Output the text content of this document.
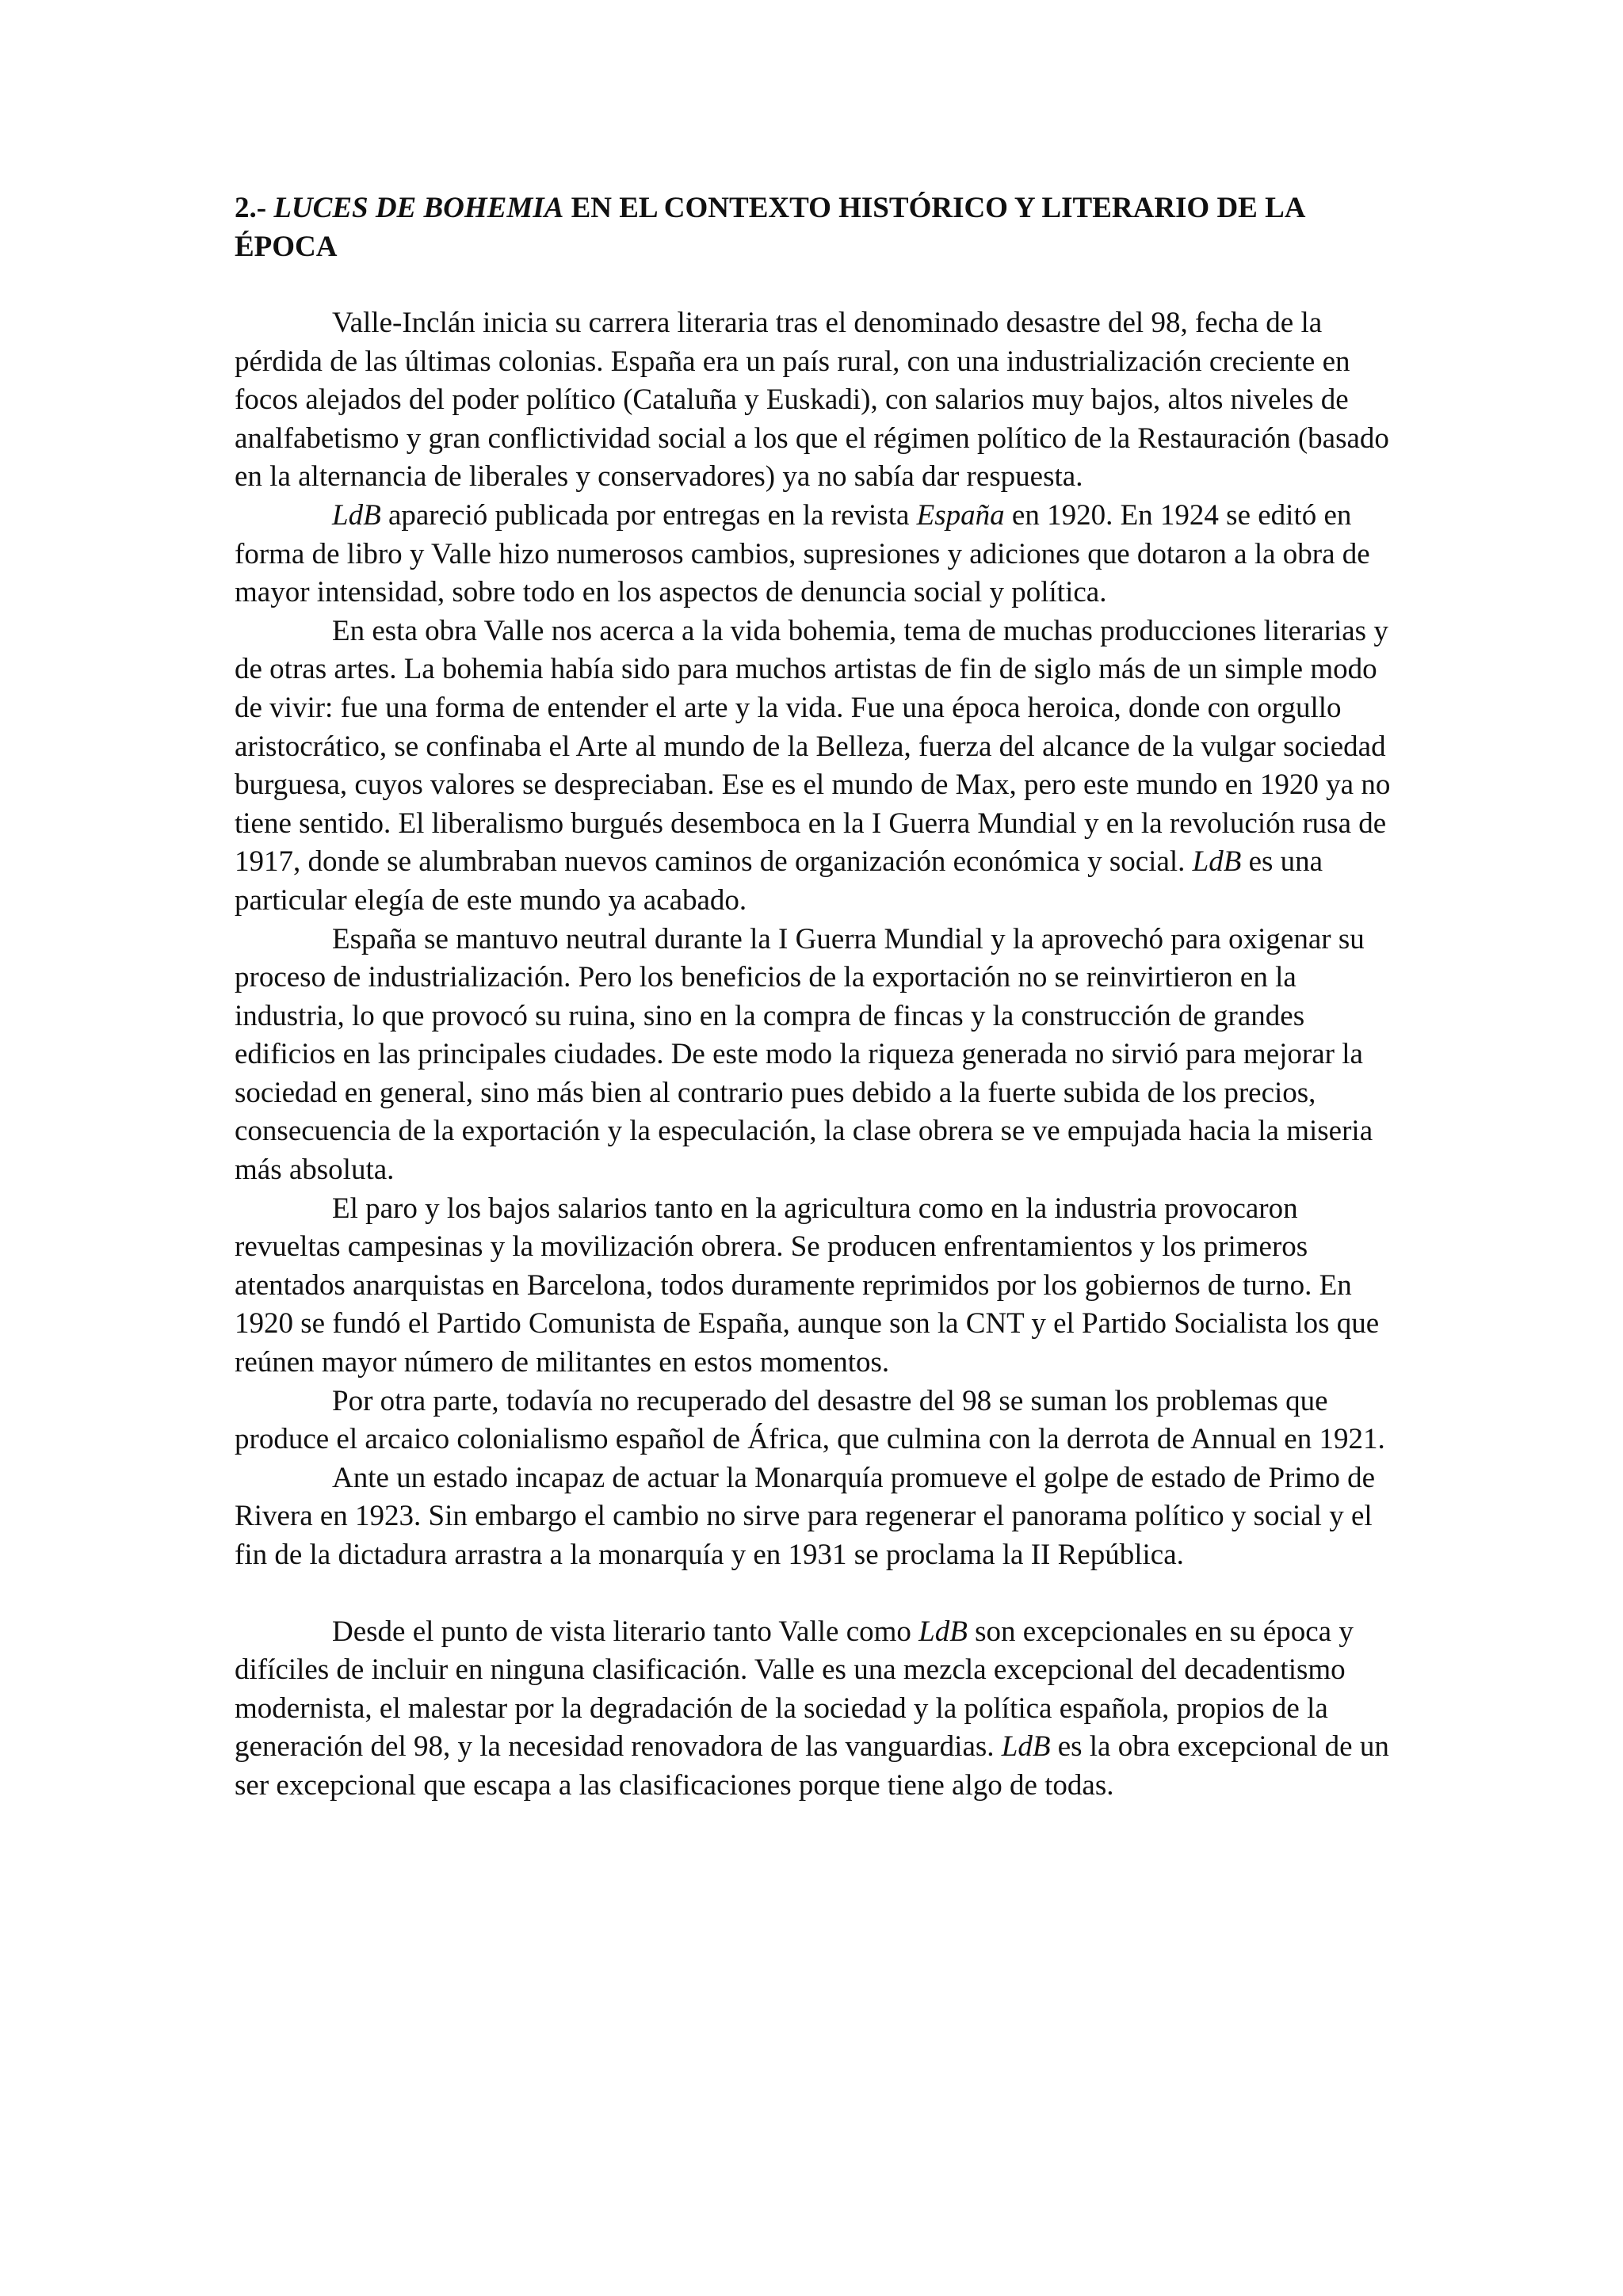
2.- LUCES DE BOHEMIA EN EL CONTEXTO HISTÓRICO Y LITERARIO DE LA ÉPOCA

Valle-Inclán inicia su carrera literaria tras el denominado desastre del 98, fecha de la pérdida de las últimas colonias. España era un país rural, con una industrialización creciente en focos alejados del poder político (Cataluña y Euskadi), con salarios muy bajos, altos niveles de analfabetismo y gran conflictividad social a los que el régimen político de la Restauración (basado en la alternancia de liberales y conservadores) ya no sabía dar respuesta.

LdB apareció publicada por entregas en la revista España en 1920. En 1924 se editó en forma de libro y Valle hizo numerosos cambios, supresiones y adiciones que dotaron a la obra de mayor intensidad, sobre todo en los aspectos de denuncia social y política.

En esta obra Valle nos acerca a la vida bohemia, tema de muchas producciones literarias y de otras artes. La bohemia había sido para muchos artistas de fin de siglo más de un simple modo de vivir: fue una forma de entender el arte y la vida. Fue una época heroica, donde con orgullo aristocrático, se confinaba el Arte al mundo de la Belleza, fuerza del alcance de la vulgar sociedad burguesa, cuyos valores se despreciaban. Ese es el mundo de Max, pero este mundo en 1920 ya no tiene sentido. El liberalismo burgués desemboca en la I Guerra Mundial y en la revolución rusa de 1917, donde se alumbraban nuevos caminos de organización económica y social. LdB es una particular elegía de este mundo ya acabado.

España se mantuvo neutral durante la I Guerra Mundial y la aprovechó para oxigenar su proceso de industrialización. Pero los beneficios de la exportación no se reinvirtieron en la industria, lo que provocó su ruina, sino en la compra de fincas y la construcción de grandes edificios en las principales ciudades. De este modo la riqueza generada no sirvió para mejorar la sociedad en general, sino más bien al contrario pues debido a la fuerte subida de los precios, consecuencia de la exportación y la especulación, la clase obrera se ve empujada hacia la miseria más absoluta.

El paro y los bajos salarios tanto en la agricultura como en la industria provocaron revueltas campesinas y la movilización obrera. Se producen enfrentamientos y los primeros atentados anarquistas en Barcelona, todos duramente reprimidos por los gobiernos de turno. En 1920 se fundó el Partido Comunista de España, aunque son la CNT y el Partido Socialista los que reúnen mayor número de militantes en estos momentos.

Por otra parte, todavía no recuperado del desastre del 98 se suman los problemas que produce el arcaico colonialismo español de África, que culmina con la derrota de Annual en 1921.

Ante un estado incapaz de actuar la Monarquía promueve el golpe de estado de Primo de Rivera en 1923. Sin embargo el cambio no sirve para regenerar el panorama político y social y el fin de la dictadura arrastra a la monarquía y en 1931 se proclama la II República.

Desde el punto de vista literario tanto Valle como LdB son excepcionales en su época y difíciles de incluir en ninguna clasificación. Valle es una mezcla excepcional del decadentismo modernista, el malestar por la degradación de la sociedad y la política española, propios de la generación del 98, y la necesidad renovadora de las vanguardias. LdB es la obra excepcional de un ser excepcional que escapa a las clasificaciones porque tiene algo de todas.
